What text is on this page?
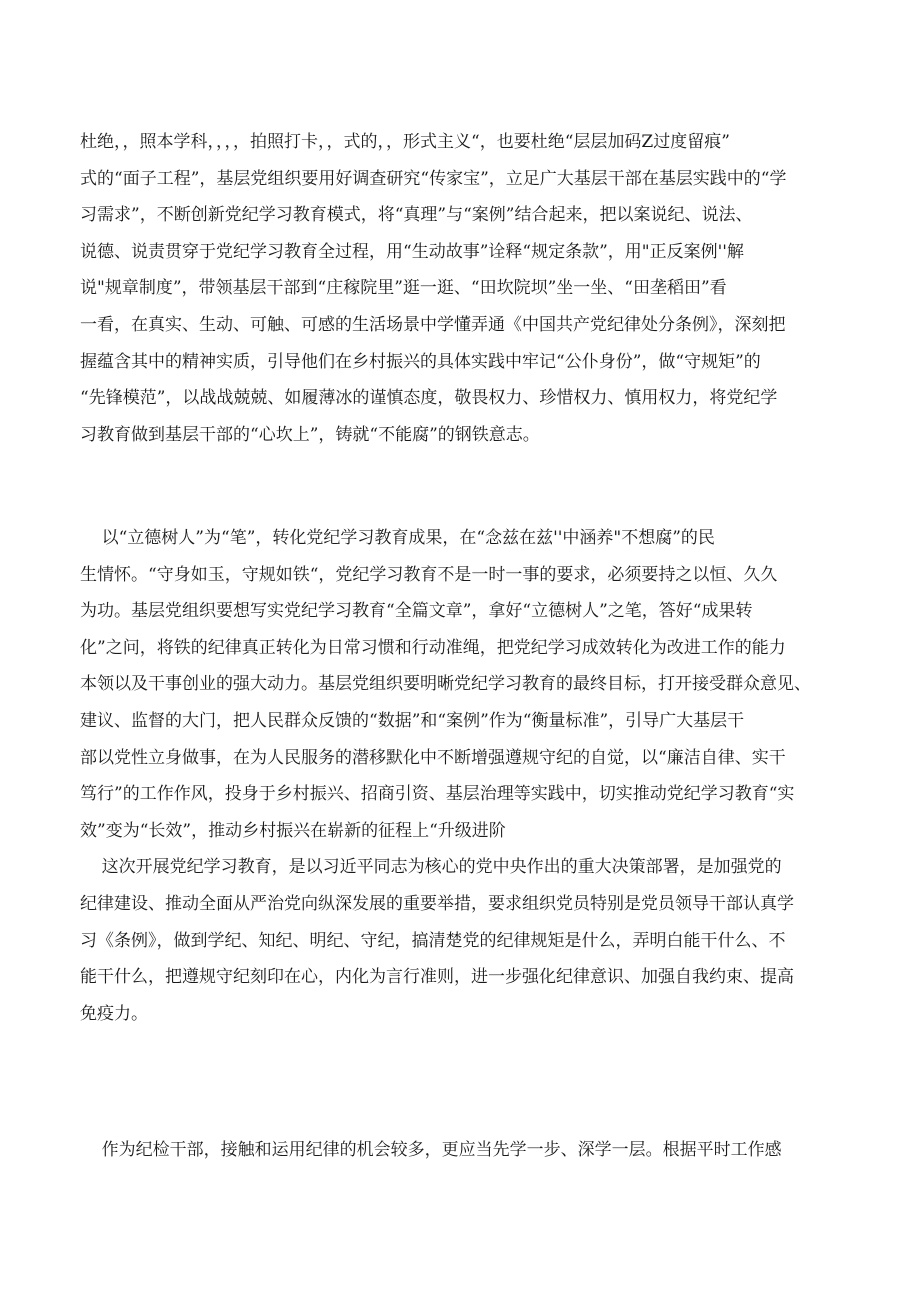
杜绝，，照本学科，，，，拍照打卡，，式的，，形式主义“，也要杜绝“层层加码Z过度留痕”
式的“面子工程”，基层党组织要用好调查研究“传家宝”，立足广大基层干部在基层实践中的“学
习需求”，不断创新党纪学习教育模式，将“真理”与“案例”结合起来，把以案说纪、说法、
说德、说责贯穿于党纪学习教育全过程，用“生动故事”诠释“规定条款”，用"正反案例''解
说"规章制度”，带领基层干部到“庄稼院里”逛一逛、“田坎院坝”坐一坐、“田垄稻田”看
一看，在真实、生动、可触、可感的生活场景中学懂弄通《中国共产党纪律处分条例》，深刻把
握蕴含其中的精神实质，引导他们在乡村振兴的具体实践中牢记“公仆身份”，做“守规矩”的
“先锋模范”，以战战兢兢、如履薄冰的谨慎态度，敬畏权力、珍惜权力、慎用权力，将党纪学
习教育做到基层干部的“心坎上”，铸就“不能腐”的钢铁意志。
以“立德树人”为“笔”，转化党纪学习教育成果，在“念兹在兹''中涵养"不想腐”的民
生情怀。“守身如玉，守规如铁“，党纪学习教育不是一时一事的要求，必须要持之以恒、久久
为功。基层党组织要想写实党纪学习教育“全篇文章”，拿好“立德树人”之笔，答好“成果转
化”之问，将铁的纪律真正转化为日常习惯和行动准绳，把党纪学习成效转化为改进工作的能力
本领以及干事创业的强大动力。基层党组织要明晰党纪学习教育的最终目标，打开接受群众意见、
建议、监督的大门，把人民群众反馈的“数据”和“案例”作为“衡量标准”，引导广大基层干
部以党性立身做事，在为人民服务的潜移默化中不断增强遵规守纪的自觉，以“廉洁自律、实干
笃行”的工作作风，投身于乡村振兴、招商引资、基层治理等实践中，切实推动党纪学习教育“实
效”变为“长效”，推动乡村振兴在崭新的征程上“升级进阶
这次开展党纪学习教育，是以习近平同志为核心的党中央作出的重大决策部署，是加强党的
纪律建设、推动全面从严治党向纵深发展的重要举措，要求组织党员特别是党员领导干部认真学
习《条例》，做到学纪、知纪、明纪、守纪，搞清楚党的纪律规矩是什么，弄明白能干什么、不
能干什么，把遵规守纪刻印在心，内化为言行准则，进一步强化纪律意识、加强自我约束、提高
免疫力。
作为纪检干部，接触和运用纪律的机会较多，更应当先学一步、深学一层。根据平时工作感
